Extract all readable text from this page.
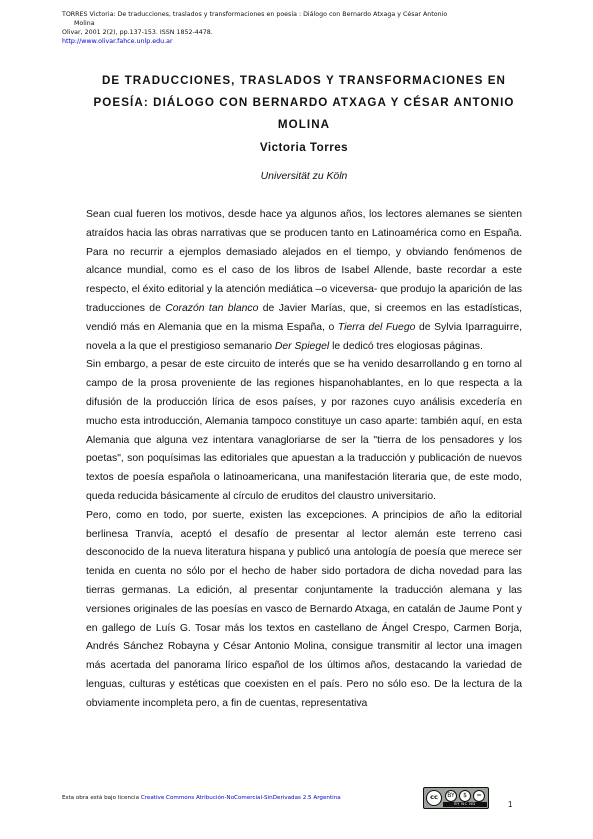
TORRES Victoria: De traducciones, traslados y transformaciones en poesía : Diálogo con Bernardo Atxaga y César Antonio
Molina
Olivar, 2001 2(2), pp.137-153. ISSN 1852-4478.
http://www.olivar.fahce.unlp.edu.ar
DE TRADUCCIONES, TRASLADOS Y TRANSFORMACIONES EN POESÍA: DIÁLOGO CON BERNARDO ATXAGA Y CÉSAR ANTONIO MOLINA
Victoria Torres
Universität zu Köln

Sean cual fueren los motivos, desde hace ya algunos años, los lectores alemanes se sienten atraídos hacia las obras narrativas que se producen tanto en Latinoamérica como en España. Para no recurrir a ejemplos demasiado alejados en el tiempo, y obviando fenómenos de alcance mundial, como es el caso de los libros de Isabel Allende, baste recordar a este respecto, el éxito editorial y la atención mediática –o viceversa- que produjo la aparición de las traducciones de Corazón tan blanco de Javier Marías, que, si creemos en las estadísticas, vendió más en Alemania que en la misma España, o Tierra del Fuego de Sylvia Iparraguirre, novela a la que el prestigioso semanario Der Spiegel le dedicó tres elogiosas páginas.

Sin embargo, a pesar de este circuito de interés que se ha venido desarrollando g en torno al campo de la prosa proveniente de las regiones hispanohablantes, en lo que respecta a la difusión de la producción lírica de esos países, y por razones cuyo análisis excedería en mucho esta introducción, Alemania tampoco constituye un caso aparte: también aquí, en esta Alemania que alguna vez intentara vanagloriarse de ser la "tierra de los pensadores y los poetas", son poquísimas las editoriales que apuestan a la traducción y publicación de nuevos textos de poesía española o latinoamericana, una manifestación literaria que, de este modo, queda reducida básicamente al círculo de eruditos del claustro universitario.

Pero, como en todo, por suerte, existen las excepciones. A principios de año la editorial berlinesa Tranvía, aceptó el desafío de presentar al lector alemán este terreno casi desconocido de la nueva literatura hispana y publicó una antología de poesía que merece ser tenida en cuenta no sólo por el hecho de haber sido portadora de dicha novedad para las tierras germanas. La edición, al presentar conjuntamente la traducción alemana y las versiones originales de las poesías en vasco de Bernardo Atxaga, en catalán de Jaume Pont y en gallego de Luís G. Tosar más los textos en castellano de Ángel Crespo, Carmen Borja, Andrés Sánchez Robayna y César Antonio Molina, consigue transmitir al lector una imagen más acertada del panorama lírico español de los últimos años, destacando la variedad de lenguas, culturas y estéticas que coexisten en el país. Pero no sólo eso. De la lectura de la obviamente incompleta pero, a fin de cuentas, representativa

Esta obra está bajo licencia Creative Commons Atribución-NoComercial-SinDerivadas 2.5 Argentina	cc	BY	$	=
BY NC ND	1
